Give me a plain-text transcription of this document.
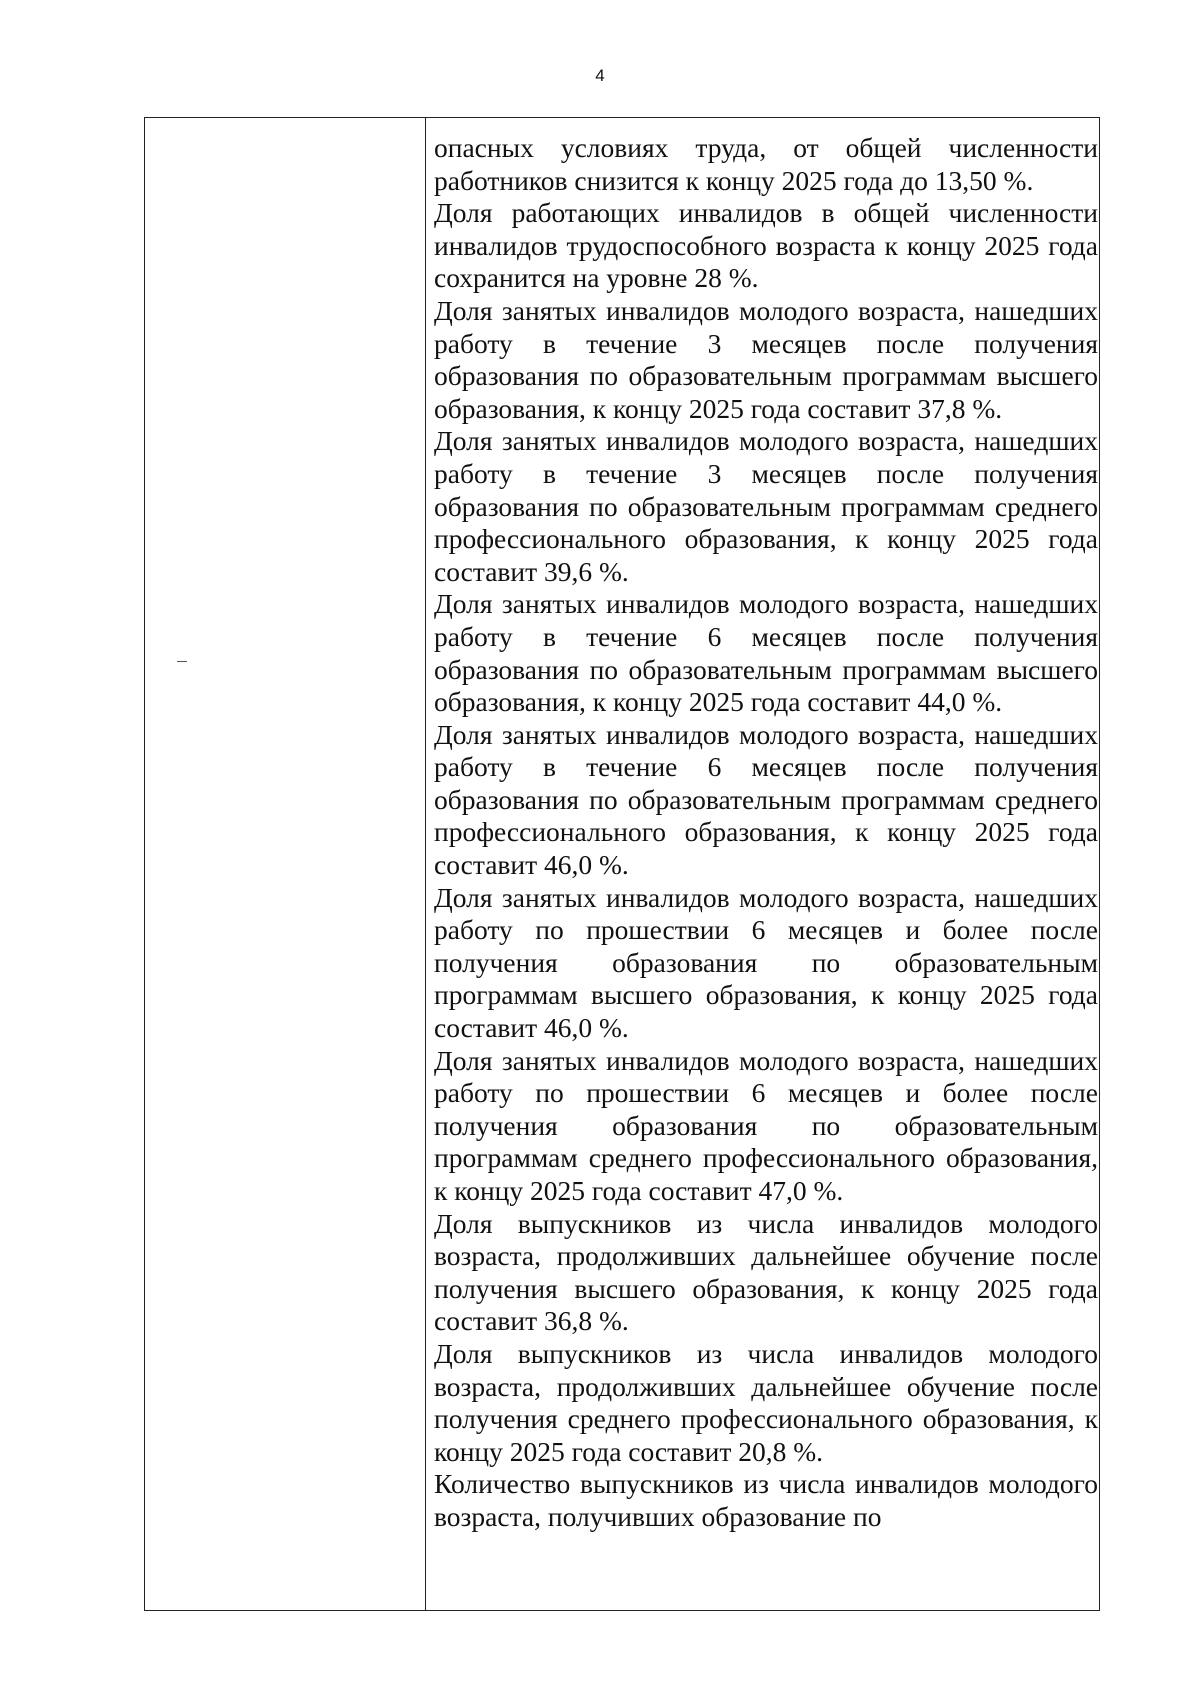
4

опасных условиях труда, от общей численности работников снизится к концу 2025 года до 13,50 %.

Доля работающих инвалидов в общей численности инвалидов трудоспособного возраста к концу 2025 года сохранится на уровне 28 %.

Доля занятых инвалидов молодого возраста, нашедших работу в течение 3 месяцев после получения образования по образовательным программам высшего образования, к концу 2025 года составит 37,8 %.

Доля занятых инвалидов молодого возраста, нашедших работу в течение 3 месяцев после получения образования по образовательным программам среднего профессионального образования, к концу 2025 года составит 39,6 %.

Доля занятых инвалидов молодого возраста, нашедших работу в течение 6 месяцев после получения образования по образовательным программам высшего образования, к концу 2025 года составит 44,0 %.

Доля занятых инвалидов молодого возраста, нашедших работу в течение 6 месяцев после получения образования по образовательным программам среднего профессионального образования, к концу 2025 года составит 46,0 %.

Доля занятых инвалидов молодого возраста, нашедших работу по прошествии 6 месяцев и более после получения образования по образовательным программам высшего образования, к концу 2025 года составит 46,0 %.

Доля занятых инвалидов молодого возраста, нашедших работу по прошествии 6 месяцев и более после получения образования по образовательным программам среднего профессионального образования, к концу 2025 года составит 47,0 %.

Доля выпускников из числа инвалидов молодого возраста, продолживших дальнейшее обучение после получения высшего образования, к концу 2025 года составит 36,8 %.

Доля выпускников из числа инвалидов молодого возраста, продолживших дальнейшее обучение после получения среднего профессионального образования, к концу 2025 года составит 20,8 %.

Количество выпускников из числа инвалидов молодого возраста, получивших образование по
